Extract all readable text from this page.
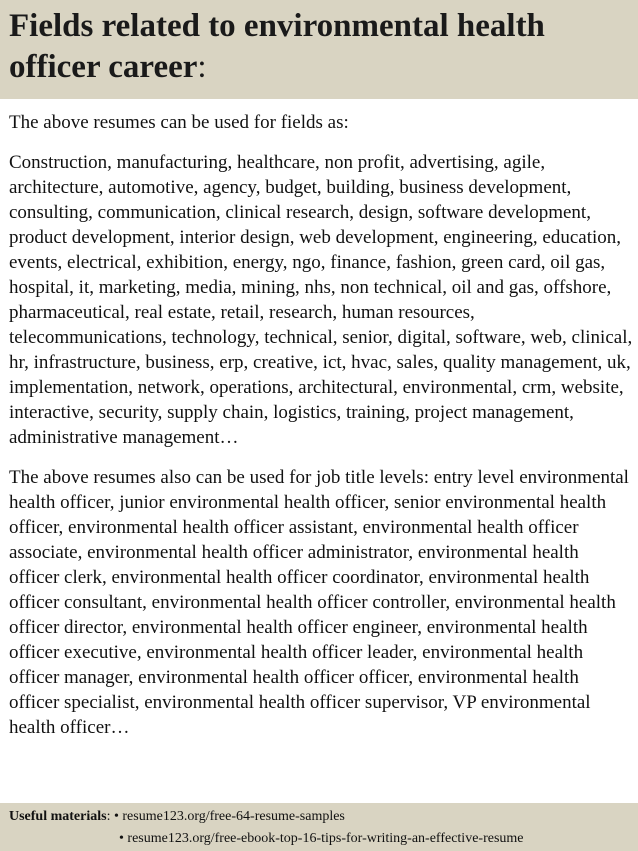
Fields related to environmental health officer career:

The above resumes can be used for fields as:

Construction, manufacturing, healthcare, non profit, advertising, agile, architecture, automotive, agency, budget, building, business development, consulting, communication, clinical research, design, software development, product development, interior design, web development, engineering, education, events, electrical, exhibition, energy, ngo, finance, fashion, green card, oil gas, hospital, it, marketing, media, mining, nhs, non technical, oil and gas, offshore, pharmaceutical, real estate, retail, research, human resources, telecommunications, technology, technical, senior, digital, software, web, clinical, hr, infrastructure, business, erp, creative, ict, hvac, sales, quality management, uk, implementation, network, operations, architectural, environmental, crm, website, interactive, security, supply chain, logistics, training, project management, administrative management…

The above resumes also can be used for job title levels: entry level environmental health officer, junior environmental health officer, senior environmental health officer, environmental health officer assistant, environmental health officer associate, environmental health officer administrator, environmental health officer clerk, environmental health officer coordinator, environmental health officer consultant, environmental health officer controller, environmental health officer director, environmental health officer engineer, environmental health officer executive, environmental health officer leader, environmental health officer manager, environmental health officer officer, environmental health officer specialist, environmental health officer supervisor, VP environmental health officer…

Useful materials: • resume123.org/free-64-resume-samples
• resume123.org/free-ebook-top-16-tips-for-writing-an-effective-resume
